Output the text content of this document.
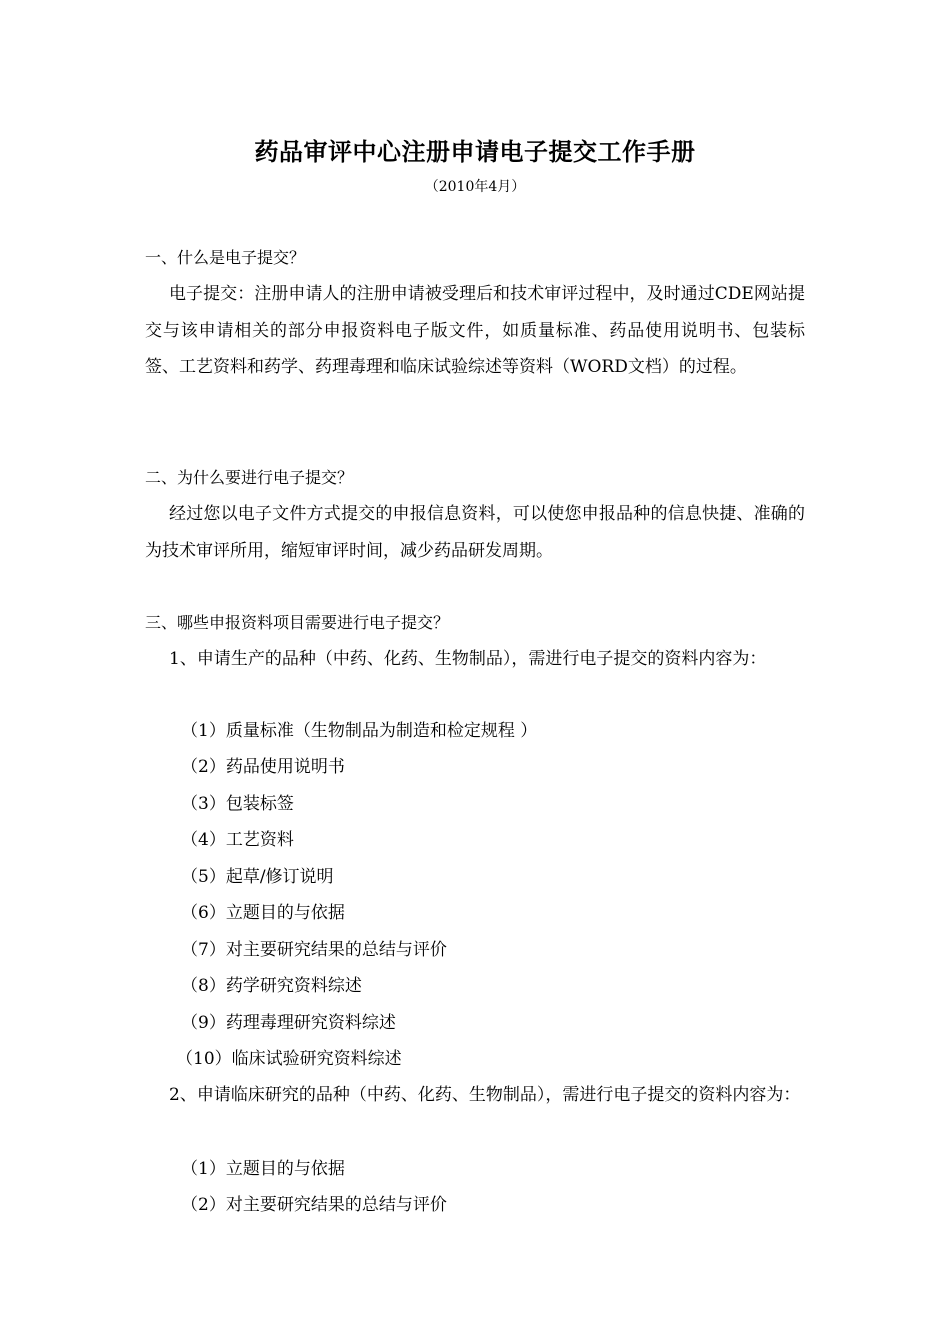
药品审评中心注册申请电子提交工作手册
（2010年4月）
一、什么是电子提交？
电子提交：注册申请人的注册申请被受理后和技术审评过程中，及时通过CDE网站提交与该申请相关的部分申报资料电子版文件，如质量标准、药品使用说明书、包装标签、工艺资料和药学、药理毒理和临床试验综述等资料（WORD文档）的过程。
二、为什么要进行电子提交？
经过您以电子文件方式提交的申报信息资料，可以使您申报品种的信息快捷、准确的为技术审评所用，缩短审评时间，减少药品研发周期。
三、哪些申报资料项目需要进行电子提交？
1、申请生产的品种（中药、化药、生物制品），需进行电子提交的资料内容为：
（1）质量标准（生物制品为制造和检定规程 ）
（2）药品使用说明书
（3）包装标签
（4）工艺资料
（5）起草/修订说明
（6）立题目的与依据
（7）对主要研究结果的总结与评价
（8）药学研究资料综述
（9）药理毒理研究资料综述
（10）临床试验研究资料综述
2、申请临床研究的品种（中药、化药、生物制品），需进行电子提交的资料内容为：
（1）立题目的与依据
（2）对主要研究结果的总结与评价
